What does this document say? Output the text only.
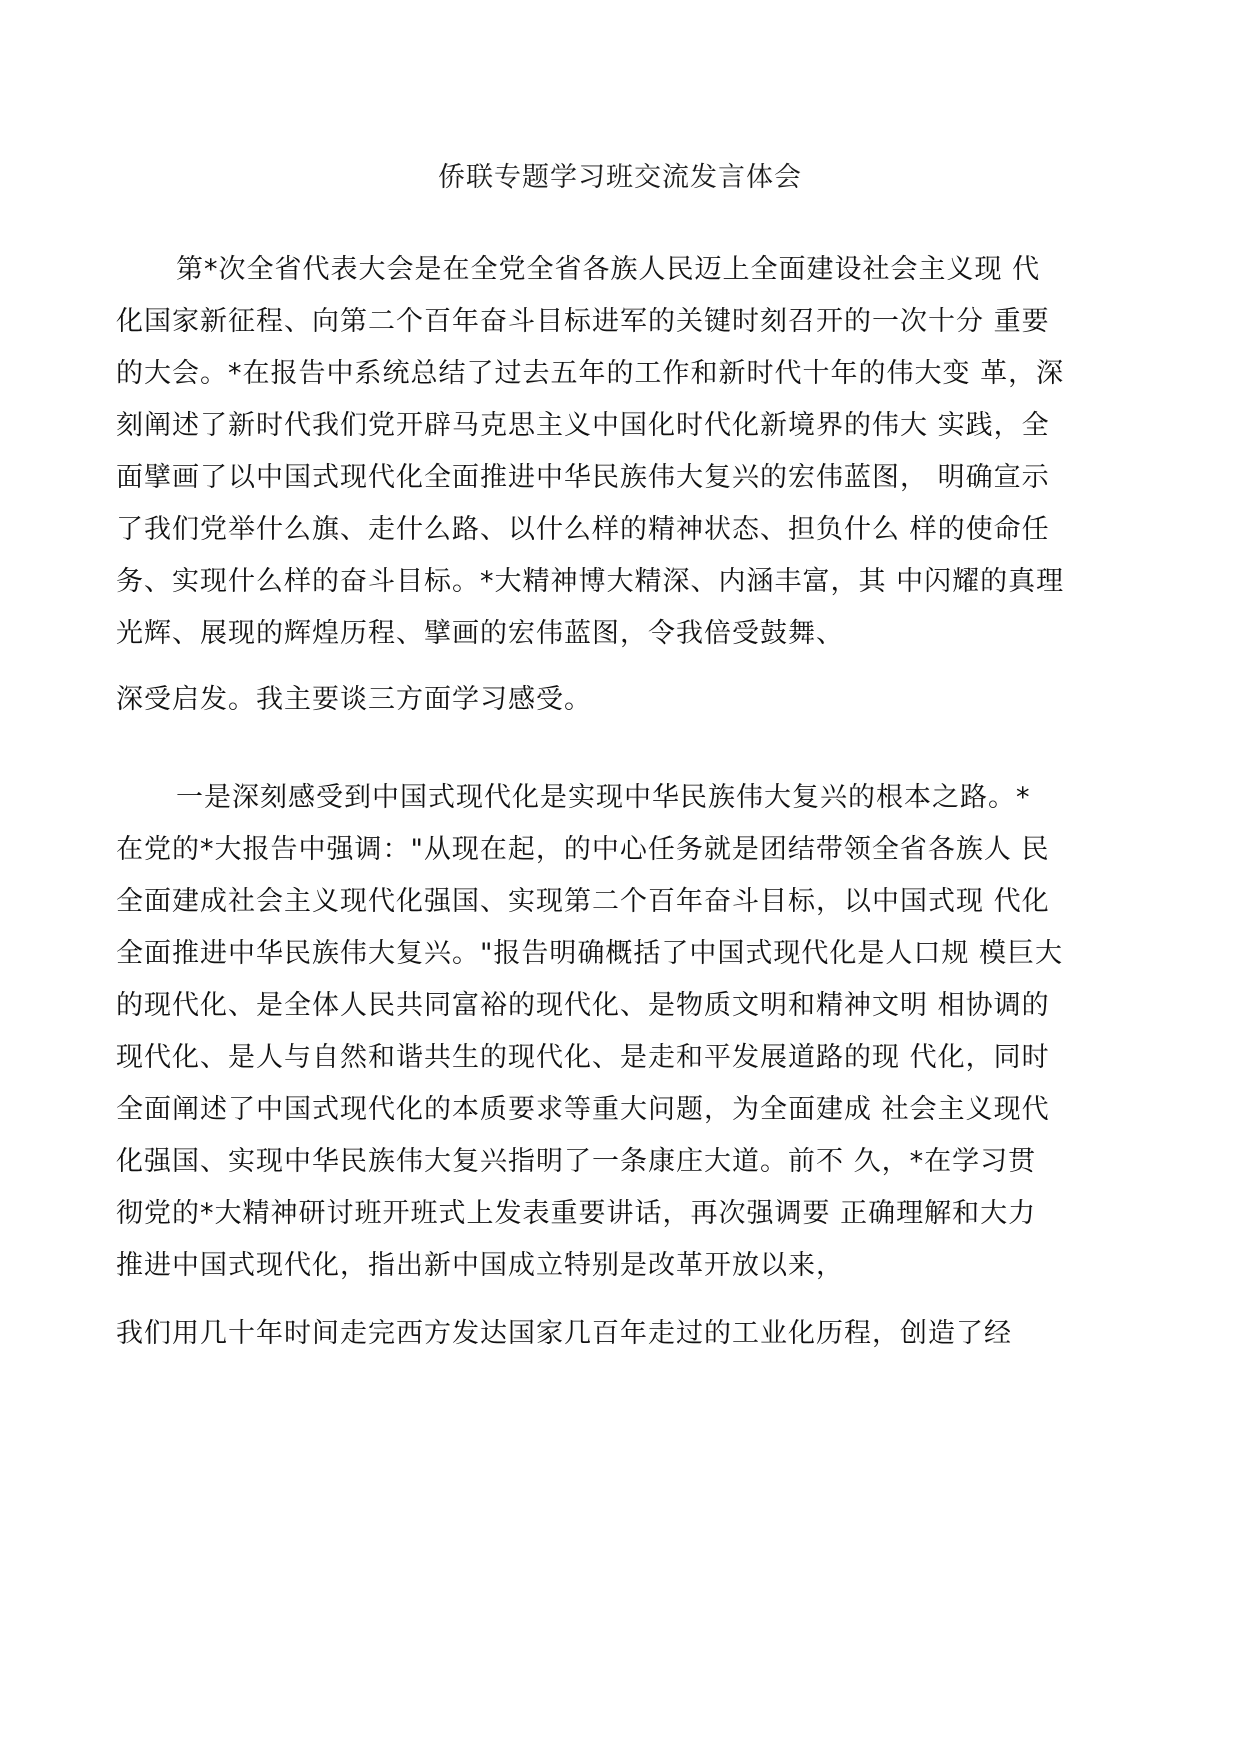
侨联专题学习班交流发言体会
第*次全省代表大会是在全党全省各族人民迈上全面建设社会主义现 代
化国家新征程、向第二个百年奋斗目标进军的关键时刻召开的一次十分 重要
的大会。*在报告中系统总结了过去五年的工作和新时代十年的伟大变 革，深
刻阐述了新时代我们党开辟马克思主义中国化时代化新境界的伟大 实践，全
面擘画了以中国式现代化全面推进中华民族伟大复兴的宏伟蓝图， 明确宣示
了我们党举什么旗、走什么路、以什么样的精神状态、担负什么 样的使命任
务、实现什么样的奋斗目标。*大精神博大精深、内涵丰富，其 中闪耀的真理
光辉、展现的辉煌历程、擘画的宏伟蓝图，令我倍受鼓舞、
深受启发。我主要谈三方面学习感受。
一是深刻感受到中国式现代化是实现中华民族伟大复兴的根本之路。*
在党的*大报告中强调："从现在起，的中心任务就是团结带领全省各族人 民
全面建成社会主义现代化强国、实现第二个百年奋斗目标，以中国式现 代化
全面推进中华民族伟大复兴。"报告明确概括了中国式现代化是人口规 模巨大
的现代化、是全体人民共同富裕的现代化、是物质文明和精神文明 相协调的
现代化、是人与自然和谐共生的现代化、是走和平发展道路的现 代化，同时
全面阐述了中国式现代化的本质要求等重大问题，为全面建成 社会主义现代
化强国、实现中华民族伟大复兴指明了一条康庄大道。前不 久，*在学习贯
彻党的*大精神研讨班开班式上发表重要讲话，再次强调要 正确理解和大力
推进中国式现代化，指出新中国成立特别是改革开放以来，
我们用几十年时间走完西方发达国家几百年走过的工业化历程，创造了经
